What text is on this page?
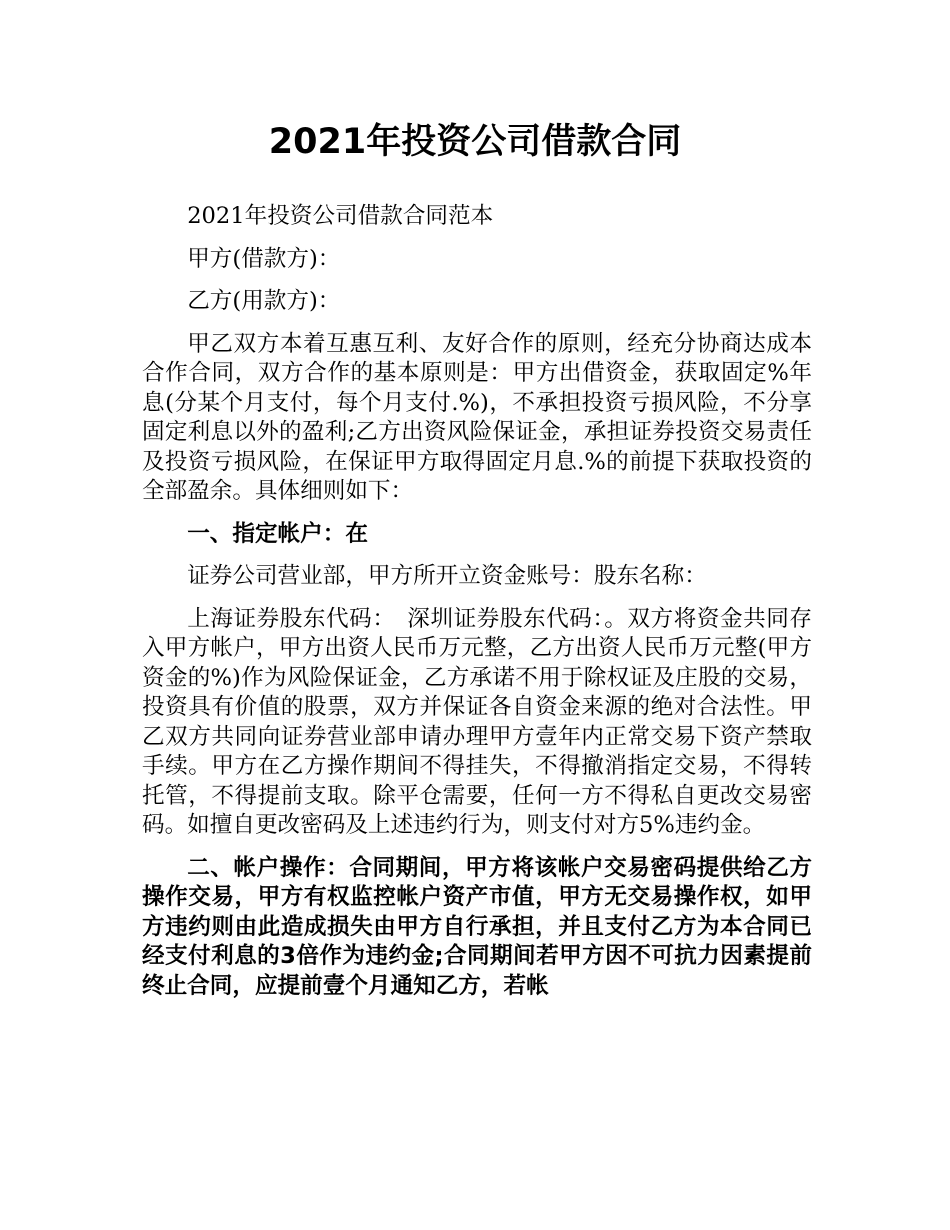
2021年投资公司借款合同

2021年投资公司借款合同范本

甲方(借款方)：

乙方(用款方)：

甲乙双方本着互惠互利、友好合作的原则，经充分协商达成本合作合同，双方合作的基本原则是：甲方出借资金，获取固定%年息(分某个月支付，每个月支付.%)，不承担投资亏损风险，不分享固定利息以外的盈利;乙方出资风险保证金，承担证券投资交易责任及投资亏损风险，在保证甲方取得固定月息.%的前提下获取投资的全部盈余。具体细则如下：

一、指定帐户：在

证券公司营业部，甲方所开立资金账号：股东名称：

上海证券股东代码：　深圳证券股东代码：。双方将资金共同存入甲方帐户，甲方出资人民币万元整，乙方出资人民币万元整(甲方资金的%)作为风险保证金，乙方承诺不用于除权证及庄股的交易，投资具有价值的股票，双方并保证各自资金来源的绝对合法性。甲乙双方共同向证券营业部申请办理甲方壹年内正常交易下资产禁取手续。甲方在乙方操作期间不得挂失，不得撤消指定交易，不得转托管，不得提前支取。除平仓需要，任何一方不得私自更改交易密码。如擅自更改密码及上述违约行为，则支付对方5%违约金。

二、帐户操作：合同期间，甲方将该帐户交易密码提供给乙方操作交易，甲方有权监控帐户资产市值，甲方无交易操作权，如甲方违约则由此造成损失由甲方自行承担，并且支付乙方为本合同已经支付利息的3倍作为违约金;合同期间若甲方因不可抗力因素提前终止合同，应提前壹个月通知乙方，若帐
